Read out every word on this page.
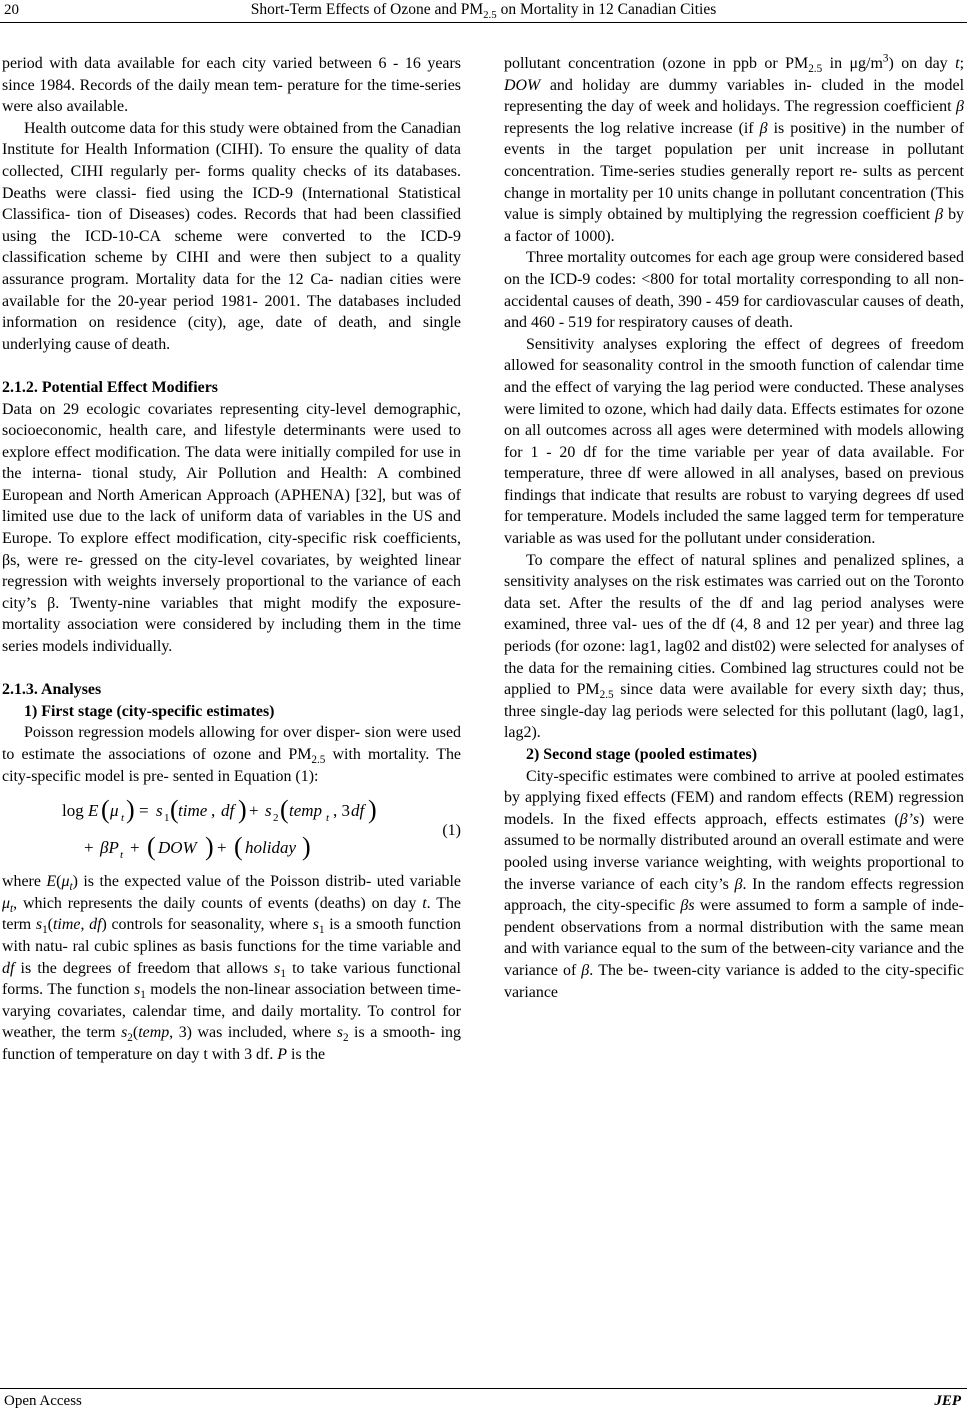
20	Short-Term Effects of Ozone and $PM_{2.5}$ on Mortality in 12 Canadian Cities

period with data available for each city varied between 6 - 16 years since 1984. Records of the daily mean tem- perature for the time-series were also available.

Health outcome data for this study were obtained from the Canadian Institute for Health Information (CIHI). To ensure the quality of data collected, CIHI regularly per- forms quality checks of its databases. Deaths were classi- fied using the ICD-9 (International Statistical Classifica- tion of Diseases) codes. Records that had been classified using the ICD-10-CA scheme were converted to the ICD-9 classification scheme by CIHI and were then subject to a quality assurance program. Mortality data for the 12 Ca- nadian cities were available for the 20-year period 1981- 2001. The databases included information on residence (city), age, date of death, and single underlying cause of death.

2.1.2. Potential Effect Modifiers

Data on 29 ecologic covariates representing city-level demographic, socioeconomic, health care, and lifestyle determinants were used to explore effect modification. The data were initially compiled for use in the interna- tional study, Air Pollution and Health: A combined European and North American Approach (APHENA) [32], but was of limited use due to the lack of uniform data of variables in the US and Europe. To explore effect modification, city-specific risk coefficients, βs, were re- gressed on the city-level covariates, by weighted linear regression with weights inversely proportional to the variance of each city’s β. Twenty-nine variables that might modify the exposure-mortality association were considered by including them in the time series models individually.

2.1.3. Analyses

1) First stage (city-specific estimates)

Poisson regression models allowing for over disper- sion were used to estimate the associations of ozone and $PM_{2.5}$ with mortality. The city-specific model is pre- sented in Equation (1):

log E ( μ t ) = s 1 ( time , df ) + s 2 ( temp t , 3 df )
+ βP t + ( DOW ) + ( holiday )
(1)

where $E(\mu_t)$ is the expected value of the Poisson distrib- uted variable $\mu_t$, which represents the daily counts of events (deaths) on day t. The term $s_1(time$, df) controls for seasonality, where $s_1$ is a smooth function with natu- ral cubic splines as basis functions for the time variable and df is the degrees of freedom that allows $s_1$ to take various functional forms. The function $s_1$ models the non-linear association between time-varying covariates, calendar time, and daily mortality. To control for weather, the term $s_2(temp$, 3) was included, where $s_2$ is a smooth- ing function of temperature on day t with 3 df. P is the

pollutant concentration (ozone in ppb or $PM_{2.5}$ in $\mu g/m^3$) on day t; DOW and holiday are dummy variables in- cluded in the model representing the day of week and holidays. The regression coefficient β represents the log relative increase (if β is positive) in the number of events in the target population per unit increase in pollutant concentration. Time-series studies generally report re- sults as percent change in mortality per 10 units change in pollutant concentration (This value is simply obtained by multiplying the regression coefficient β by a factor of 1000).

Three mortality outcomes for each age group were considered based on the ICD-9 codes: <800 for total mortality corresponding to all non-accidental causes of death, 390 - 459 for cardiovascular causes of death, and 460 - 519 for respiratory causes of death.

Sensitivity analyses exploring the effect of degrees of freedom allowed for seasonality control in the smooth function of calendar time and the effect of varying the lag period were conducted. These analyses were limited to ozone, which had daily data. Effects estimates for ozone on all outcomes across all ages were determined with models allowing for 1 - 20 df for the time variable per year of data available. For temperature, three df were allowed in all analyses, based on previous findings that indicate that results are robust to varying degrees df used for temperature. Models included the same lagged term for temperature variable as was used for the pollutant under consideration.

To compare the effect of natural splines and penalized splines, a sensitivity analyses on the risk estimates was carried out on the Toronto data set. After the results of the df and lag period analyses were examined, three val- ues of the df (4, 8 and 12 per year) and three lag periods (for ozone: lag1, lag02 and dist02) were selected for analyses of the data for the remaining cities. Combined lag structures could not be applied to $PM_{2.5}$ since data were available for every sixth day; thus, three single-day lag periods were selected for this pollutant (lag0, lag1, lag2).

2) Second stage (pooled estimates)

City-specific estimates were combined to arrive at pooled estimates by applying fixed effects (FEM) and random effects (REM) regression models. In the fixed effects approach, effects estimates (β’s) were assumed to be normally distributed around an overall estimate and were pooled using inverse variance weighting, with weights proportional to the inverse variance of each city’s β. In the random effects regression approach, the city-specific βs were assumed to form a sample of inde- pendent observations from a normal distribution with the same mean and with variance equal to the sum of the between-city variance and the variance of β. The be- tween-city variance is added to the city-specific variance

Open Access	JEP
